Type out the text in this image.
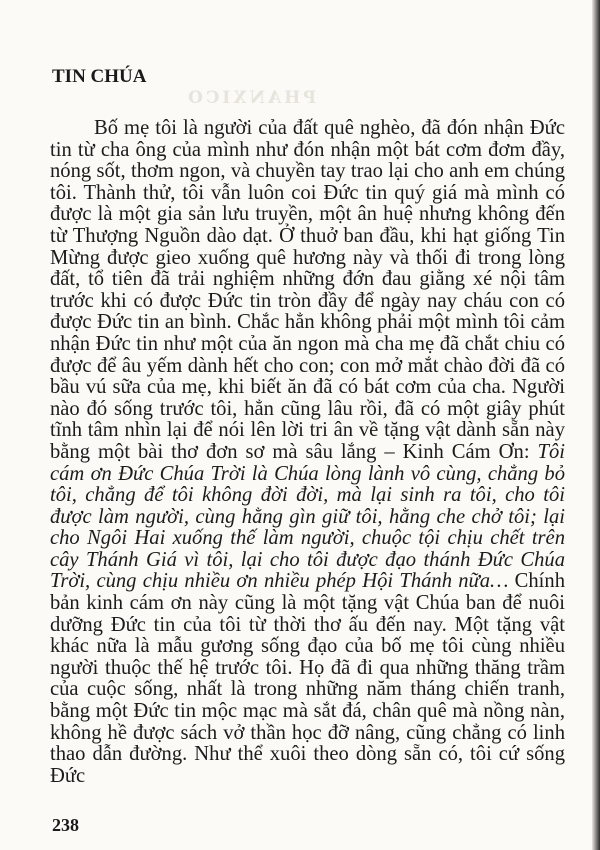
PHANXICO
TIN CHÚA

Bố mẹ tôi là người của đất quê nghèo, đã đón nhận Đức tin từ cha ông của mình như đón nhận một bát cơm đơm đầy, nóng sốt, thơm ngon, và chuyền tay trao lại cho anh em chúng tôi. Thành thử, tôi vẫn luôn coi Đức tin quý giá mà mình có được là một gia sản lưu truyền, một ân huệ nhưng không đến từ Thượng Nguồn dào dạt. Ở thuở ban đầu, khi hạt giống Tin Mừng được gieo xuống quê hương này và thối đi trong lòng đất, tổ tiên đã trải nghiệm những đớn đau giằng xé nội tâm trước khi có được Đức tin tròn đầy để ngày nay cháu con có được Đức tin an bình. Chắc hẳn không phải một mình tôi cảm nhận Đức tin như một của ăn ngon mà cha mẹ đã chắt chiu có được để âu yếm dành hết cho con; con mở mắt chào đời đã có bầu vú sữa của mẹ, khi biết ăn đã có bát cơm của cha. Người nào đó sống trước tôi, hẳn cũng lâu rồi, đã có một giây phút tĩnh tâm nhìn lại để nói lên lời tri ân về tặng vật dành sẵn này bằng một bài thơ đơn sơ mà sâu lắng – Kinh Cám Ơn: Tôi cám ơn Đức Chúa Trời là Chúa lòng lành vô cùng, chẳng bỏ tôi, chẳng để tôi không đời đời, mà lại sinh ra tôi, cho tôi được làm người, cùng hằng gìn giữ tôi, hằng che chở tôi; lại cho Ngôi Hai xuống thế làm người, chuộc tội chịu chết trên cây Thánh Giá vì tôi, lại cho tôi được đạo thánh Đức Chúa Trời, cùng chịu nhiều ơn nhiều phép Hội Thánh nữa… Chính bản kinh cám ơn này cũng là một tặng vật Chúa ban để nuôi dưỡng Đức tin của tôi từ thời thơ ấu đến nay. Một tặng vật khác nữa là mẫu gương sống đạo của bố mẹ tôi cùng nhiều người thuộc thế hệ trước tôi. Họ đã đi qua những thăng trầm của cuộc sống, nhất là trong những năm tháng chiến tranh, bằng một Đức tin mộc mạc mà sắt đá, chân quê mà nồng nàn, không hề được sách vở thần học đỡ nâng, cũng chẳng có linh thao dẫn đường. Như thể xuôi theo dòng sẵn có, tôi cứ sống Đức

238
